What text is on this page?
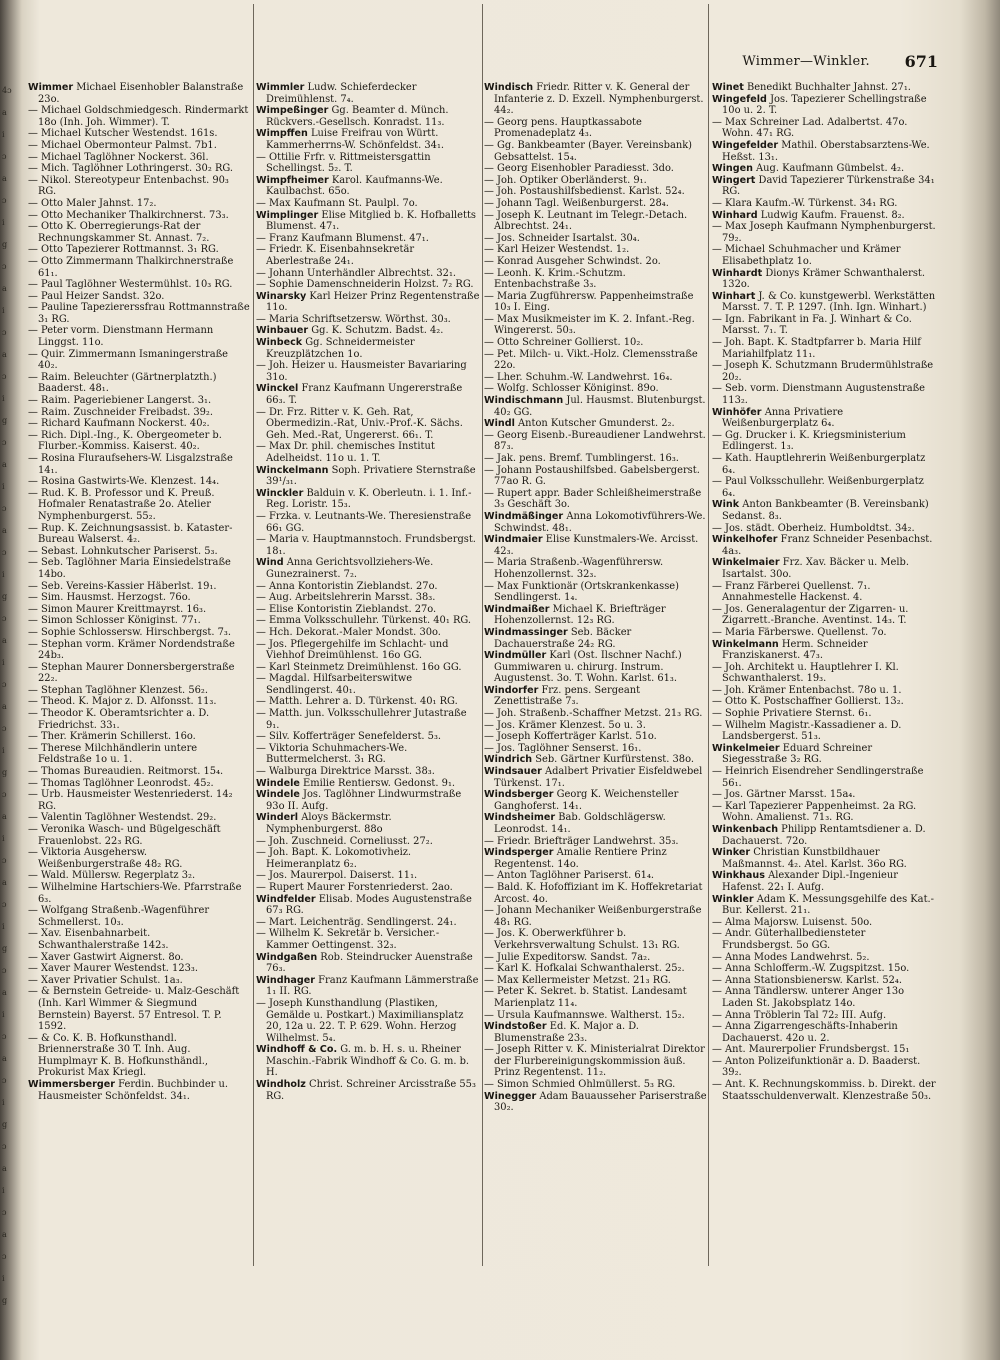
4ɔ
a
i
ɔ
a
ɔ
i
g
ɔ
a
i
ɔ
a
ɔ
i
g
ɔ
a
i
ɔ
a
ɔ
i
g
ɔ
a
i
ɔ
a
ɔ
i
g
ɔ
a
i
ɔ
a
ɔ
i
g
ɔ
a
i
ɔ
a
ɔ
i
g
ɔ
a
i
ɔ
a
ɔ
i
g
Wimmer—Winkler. 671

Wimmer Michael Eisenhobler Balanstraße 23o.

— Michael Goldschmiedgesch. Rindermarkt 18o (Inh. Joh. Wimmer). T.

— Michael Kutscher Westendst. 161s.

— Michael Obermonteur Palmst. 7b1.

— Michael Taglöhner Nockerst. 36l.

— Mich. Taglöhner Lothringerst. 30₂ RG.

— Nikol. Stereotypeur Entenbachst. 90₃ RG.

— Otto Maler Jahnst. 17₂.

— Otto Mechaniker Thalkirchnerst. 73₃.

— Otto K. Oberregierungs-Rat der Rechnungskammer St. Annast. 7₂.

— Otto Tapezierer Rottmannst. 3₁ RG.

— Otto Zimmermann Thalkirchnerstraße 61₁.

— Paul Taglöhner Westermühlst. 10₃ RG.

— Paul Heizer Sandst. 32o.

— Pauline Tapeziererssfrau Rottmannstraße 3₁ RG.

— Peter vorm. Dienstmann Hermann Linggst. 11o.

— Quir. Zimmermann Ismaningerstraße 40₂.

— Raim. Beleuchter (Gärtnerplatzth.) Baaderst. 48₁.

— Raim. Pageriebiener Langerst. 3₁.

— Raim. Zuschneider Freibadst. 39₂.

— Richard Kaufmann Nockerst. 40₂.

— Rich. Dipl.-Ing., K. Obergeometer b. Flurber.-Kommiss. Kaiserst. 40₂.

— Rosina Fluraufsehers-W. Lisgalzstraße 14₁.

— Rosina Gastwirts-We. Klenzest. 14₄.

— Rud. K. B. Professor und K. Preuß. Hofmaler Renatastraße 2o. Atelier Nymphenburgerst. 55₂.

— Rup. K. Zeichnungsassist. b. Kataster-Bureau Walserst. 4₂.

— Sebast. Lohnkutscher Pariserst. 5₃.

— Seb. Taglöhner Maria Einsiedelstraße 14bo.

— Seb. Vereins-Kassier Häberlst. 19₁.

— Sim. Hausmst. Herzogst. 76o.

— Simon Maurer Kreittmayrst. 16₃.

— Simon Schlosser Königinst. 77₁.

— Sophie Schlossersw. Hirschbergst. 7₃.

— Stephan vorm. Krämer Nordendstraße 24b₃.

— Stephan Maurer Donnersbergerstraße 22₂.

— Stephan Taglöhner Klenzest. 56₂.

— Theod. K. Major z. D. Alfonsst. 11₃.

— Theodor K. Oberamtsrichter a. D. Friedrichst. 33₁.

— Ther. Krämerin Schillerst. 16o.

— Therese Milchhändlerin untere Feldstraße 1o u. 1.

— Thomas Bureaudien. Reitmorst. 15₄.

— Thomas Taglöhner Leonrodst. 45₂.

— Urb. Hausmeister Westenriederst. 14₂ RG.

— Valentin Taglöhner Westendst. 29₂.

— Veronika Wasch- und Bügelgeschäft Frauenlobst. 22₃ RG.

— Viktoria Ausgehersw. Weißenburgerstraße 48₂ RG.

— Wald. Müllersw. Regerplatz 3₂.

— Wilhelmine Hartschiers-We. Pfarrstraße 6₃.

— Wolfgang Straßenb.-Wagenführer Schmellerst. 10₃.

— Xav. Eisenbahnarbeit. Schwanthalerstraße 142₃.

— Xaver Gastwirt Aignerst. 8o.

— Xaver Maurer Westendst. 123₃.

— Xaver Privatier Schulst. 1a₃.

— & Bernstein Getreide- u. Malz-Geschäft (Inh. Karl Wimmer & Siegmund Bernstein) Bayerst. 57 Entresol. T. P. 1592.

— & Co. K. B. Hofkunsthandl. Briennerstraße 30 T. Inh. Aug. Humplmayr K. B. Hofkunsthändl., Prokurist Max Kriegl.

Wimmersberger Ferdin. Buchbinder u. Hausmeister Schönfeldst. 34₁.

Wimmler Ludw. Schieferdecker Dreimühlenst. 7₄.

Wimpeßinger Gg. Beamter d. Münch. Rückvers.-Gesellsch. Konradst. 11₃.

Wimpffen Luise Freifrau von Württ. Kammerherrns-W. Schönfeldst. 34₁.

— Ottilie Frfr. v. Rittmeistersgattin Schellingst. 5₂. T.

Wimpfheimer Karol. Kaufmanns-We. Kaulbachst. 65o.

— Max Kaufmann St. Paulpl. 7o.

Wimplinger Elise Mitglied b. K. Hofballetts Blumenst. 47₁.

— Franz Kaufmann Blumenst. 47₁.

— Friedr. K. Eisenbahnsekretär Aberlestraße 24₁.

— Johann Unterhändler Albrechtst. 32₁.

— Sophie Damenschneiderin Holzst. 7₂ RG.

Winarsky Karl Heizer Prinz Regentenstraße 11o.

— Maria Schriftsetzersw. Wörthst. 30₃.

Winbauer Gg. K. Schutzm. Badst. 4₂.

Winbeck Gg. Schneidermeister Kreuzplätzchen 1o.

— Joh. Heizer u. Hausmeister Bavariaring 31o.

Winckel Franz Kaufmann Ungererstraße 66₃. T.

— Dr. Frz. Ritter v. K. Geh. Rat, Obermedizin.-Rat, Univ.-Prof.-K. Sächs. Geh. Med.-Rat, Ungererst. 66₁. T.

— Max Dr. phil. chemisches Institut Adelheidst. 11o u. 1. T.

Winckelmann Soph. Privatiere Sternstraße 39¹/₃₁.

Winckler Balduin v. K. Oberleutn. i. 1. Inf.-Reg. Loristr. 15₃.

— Frzka. v. Leutnants-We. Theresienstraße 66₁ GG.

— Maria v. Hauptmannstoch. Frundsbergst. 18₁.

Wind Anna Gerichtsvollziehers-We. Gunezrainerst. 7₂.

— Anna Kontoristin Zieblandst. 27o.

— Aug. Arbeitslehrerin Marsst. 38₃.

— Elise Kontoristin Zieblandst. 27o.

— Emma Volksschullehr. Türkenst. 40₁ RG.

— Hch. Dekorat.-Maler Mondst. 30o.

— Jos. Pflegergehilfe im Schlacht- und Viehhof Dreimühlenst. 16o GG.

— Karl Steinmetz Dreimühlenst. 16o GG.

— Magdal. Hilfsarbeiterswitwe Sendlingerst. 40₁.

— Matth. Lehrer a. D. Türkenst. 40₁ RG.

— Matth. jun. Volksschullehrer Jutastraße 9₁.

— Silv. Kofferträger Senefelderst. 5₃.

— Viktoria Schuhmachers-We. Buttermelcherst. 3₁ RG.

— Walburga Direktrice Marsst. 38₃.

Windele Emilie Rentiersw. Gedonst. 9₁.

Windele Jos. Taglöhner Lindwurmstraße 93o II. Aufg.

Winderl Aloys Bäckermstr. Nymphenburgerst. 88o

— Joh. Zuschneid. Corneliusst. 27₂.

— Joh. Bapt. K. Lokomotivheiz. Heimeranplatz 6₂.

— Jos. Maurerpol. Daiserst. 11₁.

— Rupert Maurer Forstenriederst. 2ao.

Windfelder Elisab. Modes Augustenstraße 67₃ RG.

— Mart. Leichenträg. Sendlingerst. 24₁.

— Wilhelm K. Sekretär b. Versicher.-Kammer Oettingenst. 32₃.

Windgaßen Rob. Steindrucker Auenstraße 76₃.

Windhager Franz Kaufmann Lämmerstraße 1₁ II. RG.

— Joseph Kunsthandlung (Plastiken, Gemälde u. Postkart.) Maximiliansplatz 20, 12a u. 22. T. P. 629. Wohn. Herzog Wilhelmst. 5₄.

Windhoff & Co. G. m. b. H. s. u. Rheiner Maschin.-Fabrik Windhoff & Co. G. m. b. H.

Windholz Christ. Schreiner Arcisstraße 55₃ RG.

Windisch Friedr. Ritter v. K. General der Infanterie z. D. Exzell. Nymphenburgerst. 44₂.

— Georg pens. Hauptkassabote Promenadeplatz 4₃.

— Gg. Bankbeamter (Bayer. Vereinsbank) Gebsattelst. 15₄.

— Georg Eisenhobler Paradiesst. 3do.

— Joh. Optiker Oberländerst. 9₁.

— Joh. Postaushilfsbedienst. Karlst. 52₄.

— Johann Tagl. Weißenburgerst. 28₄.

— Joseph K. Leutnant im Telegr.-Detach. Albrechtst. 24₁.

— Jos. Schneider Isartalst. 30₄.

— Karl Heizer Westendst. 1₂.

— Konrad Ausgeher Schwindst. 2o.

— Leonh. K. Krim.-Schutzm. Entenbachstraße 3₃.

— Maria Zugführersw. Pappenheimstraße 10₃ I. Eing.

— Max Musikmeister im K. 2. Infant.-Reg. Wingererst. 50₃.

— Otto Schreiner Gollierst. 10₂.

— Pet. Milch- u. Vikt.-Holz. Clemensstraße 22o.

— Lher. Schuhm.-W. Landwehrst. 16₄.

— Wolfg. Schlosser Königinst. 89o.

Windischmann Jul. Hausmst. Blutenburgst. 40₂ GG.

Windl Anton Kutscher Gmunderst. 2₂.

— Georg Eisenb.-Bureaudiener Landwehrst. 87₃.

— Jak. pens. Bremf. Tumblingerst. 16₃.

— Johann Postaushilfsbed. Gabelsbergerst. 77ao R. G.

— Rupert appr. Bader Schleißheimerstraße 3₃ Geschäft 3o.

Windmäßinger Anna Lokomotivführers-We. Schwindst. 48₁.

Windmaier Elise Kunstmalers-We. Arcisst. 42₃.

— Maria Straßenb.-Wagenführersw. Hohenzollernst. 32₃.

— Max Funktionär (Ortskrankenkasse) Sendlingerst. 1₄.

Windmaißer Michael K. Briefträger Hohenzollernst. 12₃ RG.

Windmassinger Seb. Bäcker Dachauerstraße 24₂ RG.

Windmüller Karl (Ost. Ilschner Nachf.) Gummiwaren u. chirurg. Instrum. Augustenst. 3o. T. Wohn. Karlst. 61₃.

Windorfer Frz. pens. Sergeant Zenettistraße 7₃.

— Joh. Straßenb.-Schaffner Metzst. 21₃ RG.

— Jos. Krämer Klenzest. 5o u. 3.

— Joseph Kofferträger Karlst. 51o.

— Jos. Taglöhner Senserst. 16₁.

Windrich Seb. Gärtner Kurfürstenst. 38o.

Windsauer Adalbert Privatier Eisfeldwebel Türkenst. 17₁.

Windsberger Georg K. Weichensteller Ganghoferst. 14₁.

Windsheimer Bab. Goldschlägersw. Leonrodst. 14₁.

— Friedr. Briefträger Landwehrst. 35₃.

Windsperger Amalie Rentiere Prinz Regentenst. 14o.

— Anton Taglöhner Pariserst. 61₄.

— Bald. K. Hofoffiziant im K. Hoffekretariat Arcost. 4o.

— Johann Mechaniker Weißenburgerstraße 48₁ RG.

— Jos. K. Oberwerkführer b. Verkehrsverwaltung Schulst. 13₁ RG.

— Julie Expeditorsw. Sandst. 7a₂.

— Karl K. Hofkalai Schwanthalerst. 25₂.

— Max Kellermeister Metzst. 21₃ RG.

— Peter K. Sekret. b. Statist. Landesamt Marienplatz 11₄.

— Ursula Kaufmannswe. Waltherst. 15₂.

Windstoßer Ed. K. Major a. D. Blumenstraße 23₃.

— Joseph Ritter v. K. Ministerialrat Direktor der Flurbereinigungskommission äuß. Prinz Regentenst. 11₂.

— Simon Schmied Ohlmüllerst. 5₃ RG.

Winegger Adam Bauausseher Pariserstraße 30₂.

Winet Benedikt Buchhalter Jahnst. 27₁.

Wingefeld Jos. Tapezierer Schellingstraße 10o u. 2. T.

— Max Schreiner Lad. Adalbertst. 47o. Wohn. 47₁ RG.

Wingefelder Mathil. Oberstabsarztens-We. Heßst. 13₁.

Wingen Aug. Kaufmann Gümbelst. 4₂.

Wingert David Tapezierer Türkenstraße 34₁ RG.

— Klara Kaufm.-W. Türkenst. 34₁ RG.

Winhard Ludwig Kaufm. Frauenst. 8₂.

— Max Joseph Kaufmann Nymphenburgerst. 79₂.

— Michael Schuhmacher und Krämer Elisabethplatz 1o.

Winhardt Dionys Krämer Schwanthalerst. 132o.

Winhart J. & Co. kunstgewerbl. Werkstätten Marsst. 7. T. P. 1297. (Inh. Ign. Winhart.)

— Ign. Fabrikant in Fa. J. Winhart & Co. Marsst. 7₁. T.

— Joh. Bapt. K. Stadtpfarrer b. Maria Hilf Mariahilfplatz 11₁.

— Joseph K. Schutzmann Brudermühlstraße 20₂.

— Seb. vorm. Dienstmann Augustenstraße 113₂.

Winhöfer Anna Privatiere Weißenburgerplatz 6₄.

— Gg. Drucker i. K. Kriegsministerium Edlingerst. 1₃.

— Kath. Hauptlehrerin Weißenburgerplatz 6₄.

— Paul Volksschullehr. Weißenburgerplatz 6₄.

Wink Anton Bankbeamter (B. Vereinsbank) Sedanst. 8₃.

— Jos. städt. Oberheiz. Humboldtst. 34₂.

Winkelhofer Franz Schneider Pesenbachst. 4a₃.

Winkelmaier Frz. Xav. Bäcker u. Melb. Isartalst. 30o.

— Franz Färberei Quellenst. 7₁. Annahmestelle Hackenst. 4.

— Jos. Generalagentur der Zigarren- u. Zigarrett.-Branche. Aventinst. 14₃. T.

— Maria Färberswe. Quellenst. 7o.

Winkelmann Herm. Schneider Franziskanerst. 47₃.

— Joh. Architekt u. Hauptlehrer I. Kl. Schwanthalerst. 19₃.

— Joh. Krämer Entenbachst. 78o u. 1.

— Otto K. Postschaffner Gollierst. 13₂.

— Sophie Privatiere Sternst. 6₁.

— Wilhelm Magistr.-Kassadiener a. D. Landsbergerst. 51₃.

Winkelmeier Eduard Schreiner Siegesstraße 3₂ RG.

— Heinrich Eisendreher Sendlingerstraße 56₁.

— Jos. Gärtner Marsst. 15a₄.

— Karl Tapezierer Pappenheimst. 2a RG. Wohn. Amalienst. 71₃. RG.

Winkenbach Philipp Rentamtsdiener a. D. Dachauerst. 72o.

Winker Christian Kunstbildhauer Maßmannst. 4₂. Atel. Karlst. 36o RG.

Winkhaus Alexander Dipl.-Ingenieur Hafenst. 22₁ I. Aufg.

Winkler Adam K. Messungsgehilfe des Kat.-Bur. Kellerst. 21₁.

— Alma Majorsw. Luisenst. 50o.

— Andr. Güterhallbediensteter Frundsbergst. 5o GG.

— Anna Modes Landwehrst. 5₂.

— Anna Schlofferm.-W. Zugspitzst. 15o.

— Anna Stationsbienersw. Karlst. 52₄.

— Anna Tändlersw. unterer Anger 13o Laden St. Jakobsplatz 14o.

— Anna Tröblerin Tal 72₂ III. Aufg.

— Anna Zigarrengeschäfts-Inhaberin Dachauerst. 42o u. 2.

— Ant. Maurerpolier Frundsbergst. 15₁

— Anton Polizeifunktionär a. D. Baaderst. 39₂.

— Ant. K. Rechnungskommiss. b. Direkt. der Staatsschuldenverwalt. Klenzestraße 50₃.
